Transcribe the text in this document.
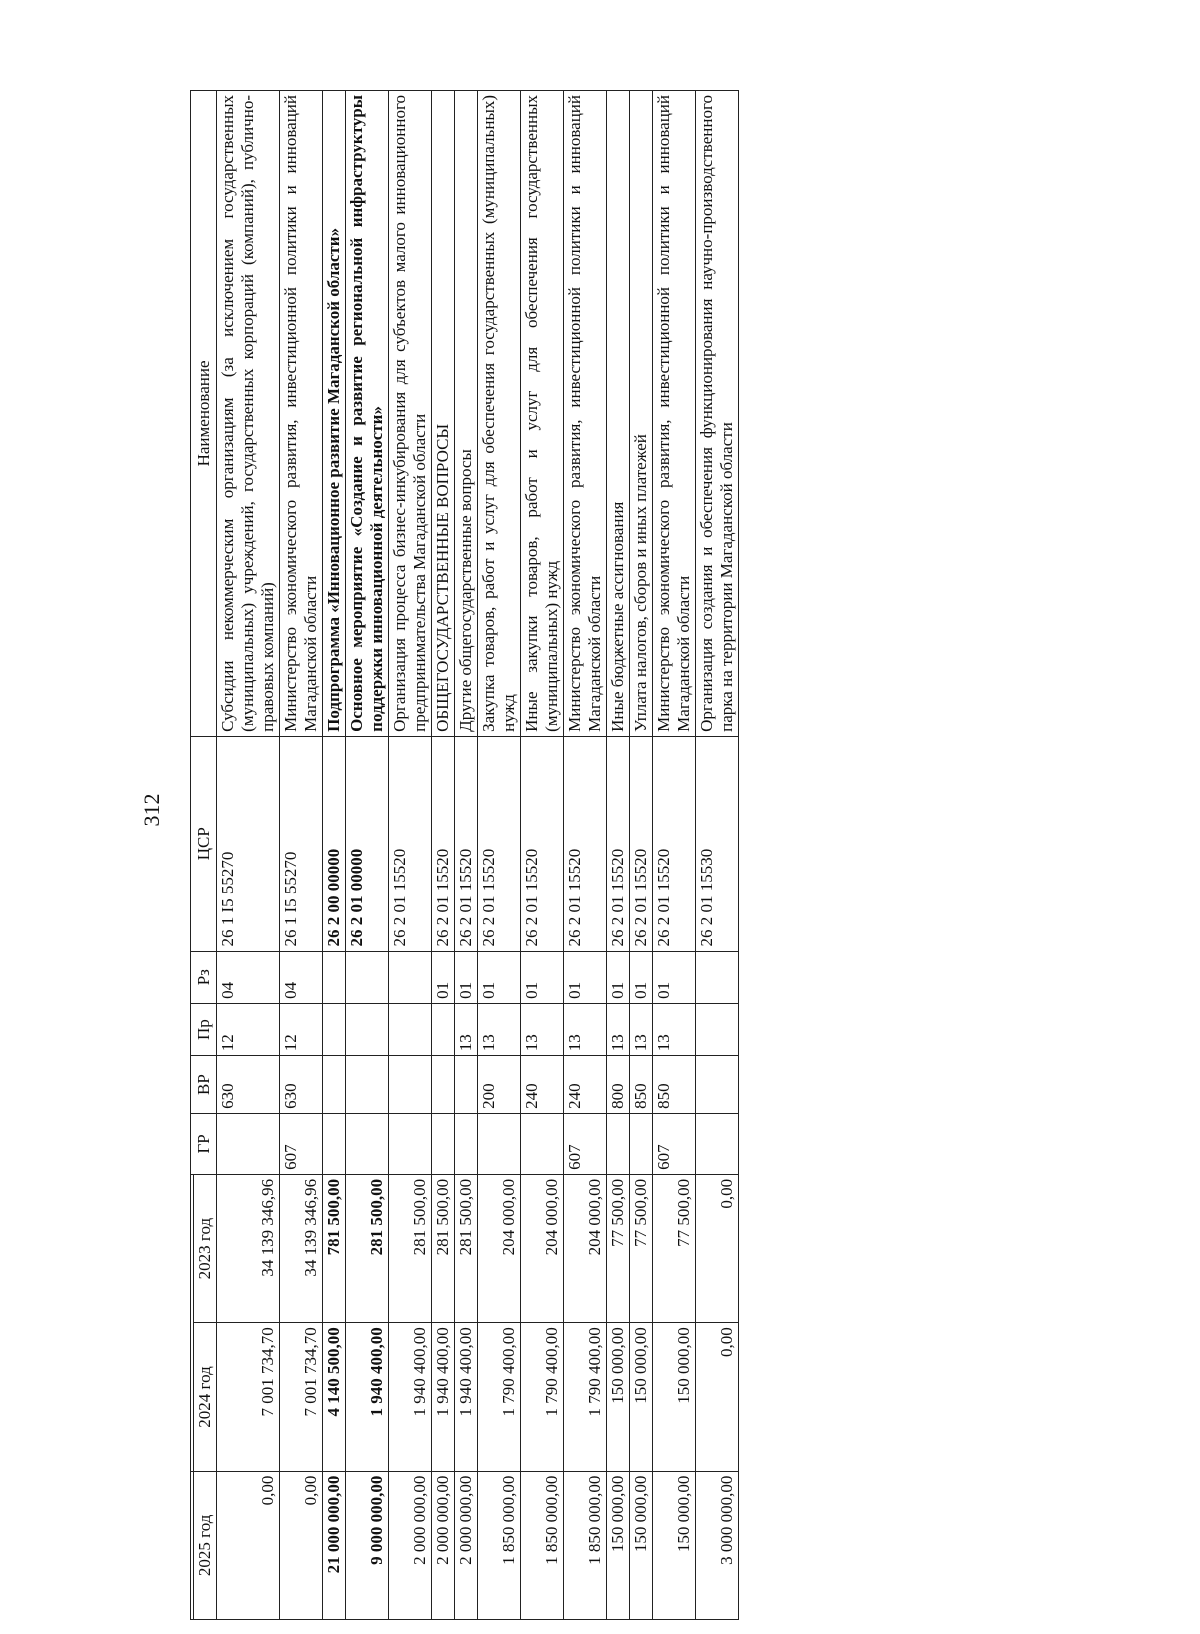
312
			ГР	ВР	Пр	Рз	ЦСР	Наименование
2025 год	2024 год	2023 год						
0,00	7 001 734,70	34 139 346,96		630	12	04	26 1 I5 55270	Субсидии некоммерческим организациям (за исключением государственных (муниципальных) учреждений, государственных корпораций (компаний), публично-правовых компаний)
0,00	7 001 734,70	34 139 346,96	607	630	12	04	26 1 I5 55270	Министерство экономического развития, инвестиционной политики и инноваций Магаданской области
21 000 000,00	4 140 500,00	781 500,00					26 2 00 00000	Подпрограмма «Инновационное развитие Магаданской области»
9 000 000,00	1 940 400,00	281 500,00					26 2 01 00000	Основное мероприятие «Создание и развитие региональной инфраструктуры поддержки инновационной деятельности»
2 000 000,00	1 940 400,00	281 500,00					26 2 01 15520	Организация процесса бизнес-инкубирования для субъектов малого инновационного предпринимательства Магаданской области
2 000 000,00	1 940 400,00	281 500,00				01	26 2 01 15520	ОБЩЕГОСУДАРСТВЕННЫЕ ВОПРОСЫ
2 000 000,00	1 940 400,00	281 500,00			13	01	26 2 01 15520	Другие общегосударственные вопросы
1 850 000,00	1 790 400,00	204 000,00		200	13	01	26 2 01 15520	Закупка товаров, работ и услуг для обеспечения государственных (муниципальных) нужд
1 850 000,00	1 790 400,00	204 000,00		240	13	01	26 2 01 15520	Иные закупки товаров, работ и услуг для обеспечения государственных (муниципальных) нужд
1 850 000,00	1 790 400,00	204 000,00	607	240	13	01	26 2 01 15520	Министерство экономического развития, инвестиционной политики и инноваций Магаданской области
150 000,00	150 000,00	77 500,00		800	13	01	26 2 01 15520	Иные бюджетные ассигнования
150 000,00	150 000,00	77 500,00		850	13	01	26 2 01 15520	Уплата налогов, сборов и иных платежей
150 000,00	150 000,00	77 500,00	607	850	13	01	26 2 01 15520	Министерство экономического развития, инвестиционной политики и инноваций Магаданской области
3 000 000,00	0,00	0,00					26 2 01 15530	Организация создания и обеспечения функционирования научно-производственного парка на территории Магаданской области
